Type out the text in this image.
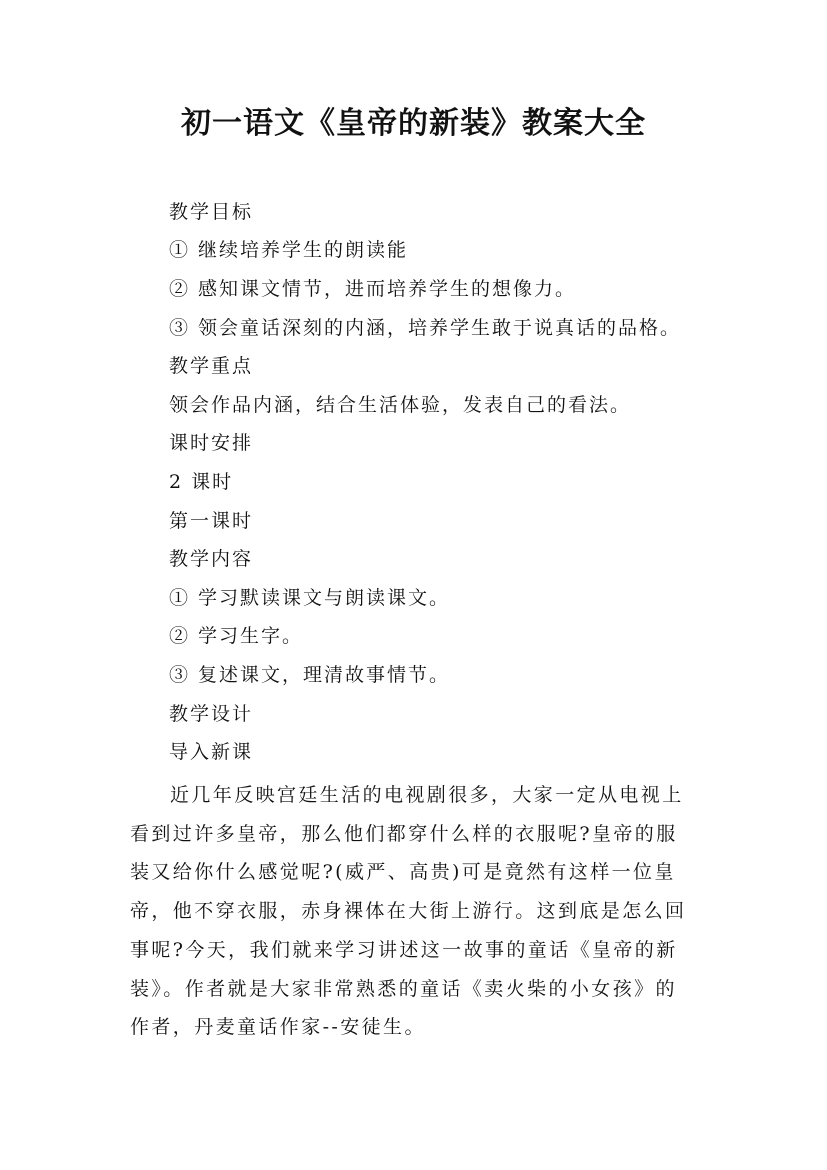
初一语文《皇帝的新装》教案大全
教学目标
① 继续培养学生的朗读能
② 感知课文情节，进而培养学生的想像力。
③ 领会童话深刻的内涵，培养学生敢于说真话的品格。
教学重点
领会作品内涵，结合生活体验，发表自己的看法。
课时安排
2 课时
第一课时
教学内容
① 学习默读课文与朗读课文。
② 学习生字。
③ 复述课文，理清故事情节。
教学设计
导入新课
近几年反映宫廷生活的电视剧很多，大家一定从电视上
看到过许多皇帝，那么他们都穿什么样的衣服呢?皇帝的服
装又给你什么感觉呢?(威严、高贵)可是竟然有这样一位皇
帝，他不穿衣服，赤身裸体在大街上游行。这到底是怎么回
事呢?今天，我们就来学习讲述这一故事的童话《皇帝的新
装》。作者就是大家非常熟悉的童话《卖火柴的小女孩》的
作者，丹麦童话作家--安徒生。
